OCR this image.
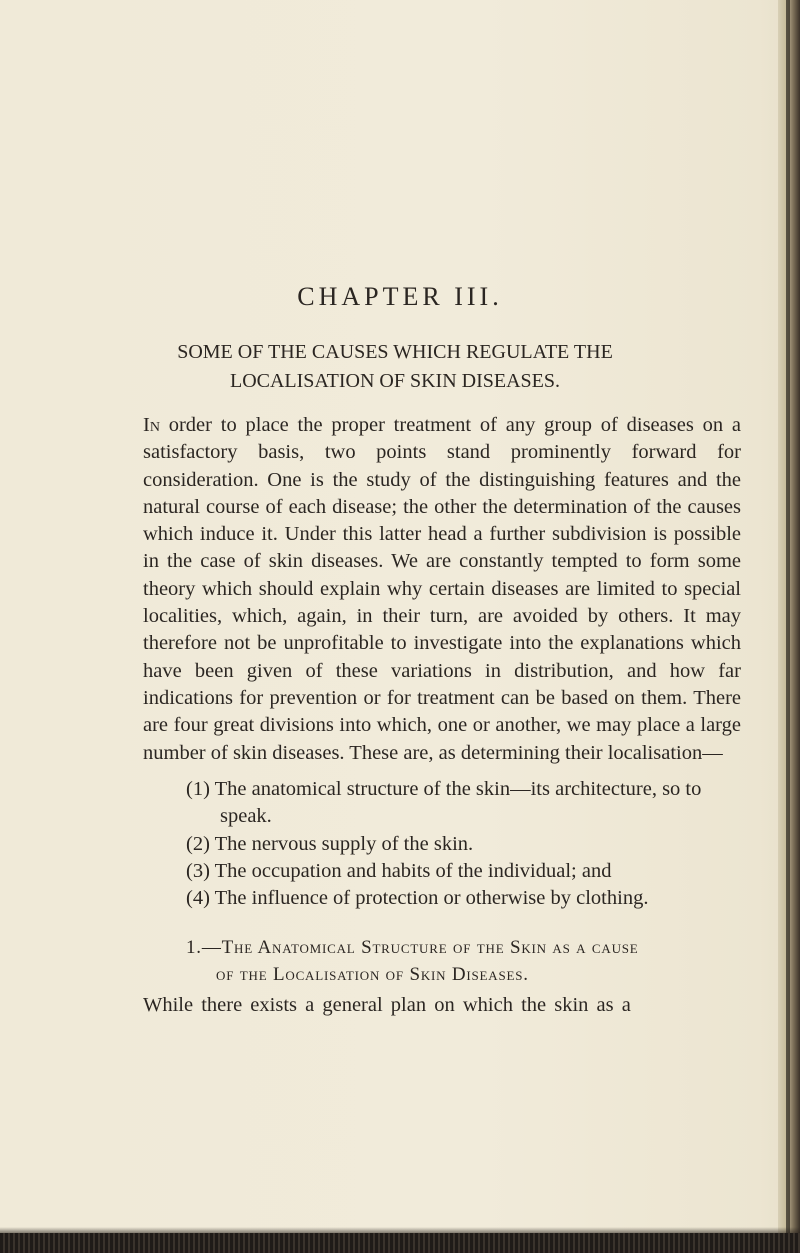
CHAPTER III.
SOME OF THE CAUSES WHICH REGULATE THE
LOCALISATION OF SKIN DISEASES.

In order to place the proper treatment of any group of diseases on a satisfactory basis, two points stand prominently forward for consideration. One is the study of the distinguishing features and the natural course of each disease; the other the determination of the causes which induce it. Under this latter head a further subdivision is possible in the case of skin diseases. We are constantly tempted to form some theory which should explain why certain diseases are limited to special localities, which, again, in their turn, are avoided by others. It may therefore not be unprofitable to investigate into the explanations which have been given of these variations in distribution, and how far indications for prevention or for treatment can be based on them. There are four great divisions into which, one or another, we may place a large number of skin diseases. These are, as determining their localisation—

(1) The anatomical structure of the skin—its architecture, so to speak.
(2) The nervous supply of the skin.
(3) The occupation and habits of the individual; and
(4) The influence of protection or otherwise by clothing.

1.—The Anatomical Structure of the Skin as a cause
of the Localisation of Skin Diseases.

While there exists a general plan on which the skin as a
